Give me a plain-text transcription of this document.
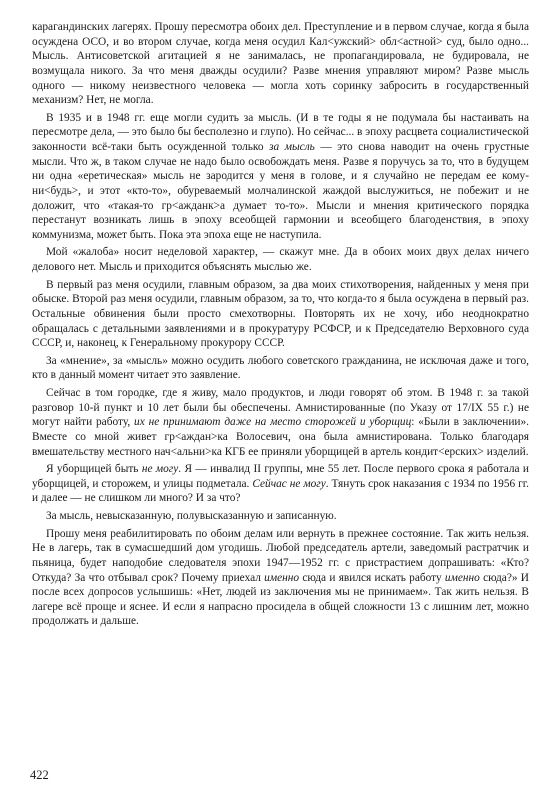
карагандинских лагерях. Прошу пересмотра обоих дел. Преступление и в первом случае, когда я была осуждена ОСО, и во втором случае, когда меня осудил Кал<ужский> обл<астной> суд, было одно... Мысль. Антисоветской агитацией я не занималась, не пропагандировала, не будировала, не возмущала никого. За что меня дважды осудили? Разве мнения управляют миром? Разве мысль одного — никому неизвестного человека — могла хоть соринку забросить в государственный механизм? Нет, не могла.

В 1935 и в 1948 гг. еще могли судить за мысль. (И в те годы я не подумала бы настаивать на пересмотре дела, — это было бы бесполезно и глупо). Но сейчас... в эпоху расцвета социалистической законности всё-таки быть осужденной только за мысль — это снова наводит на очень грустные мысли. Что ж, в таком случае не надо было освобождать меня. Разве я поручусь за то, что в будущем ни одна «еретическая» мысль не зародится у меня в голове, и я случайно не передам ее кому-ни<будь>, и этот «кто-то», обуреваемый молчалинской жаждой выслужиться, не побежит и не доложит, что «такая-то гр<ажданк>а думает то-то». Мысли и мнения критического порядка перестанут возникать лишь в эпоху всеобщей гармонии и всеобщего благоденствия, в эпоху коммунизма, может быть. Пока эта эпоха еще не наступила.

Мой «жалоба» носит неделовой характер, — скажут мне. Да в обоих моих двух делах ничего делового нет. Мысль и приходится объяснять мыслью же.

В первый раз меня осудили, главным образом, за два моих стихотворения, найденных у меня при обыске. Второй раз меня осудили, главным образом, за то, что когда-то я была осуждена в первый раз. Остальные обвинения были просто смехотворны. Повторять их не хочу, ибо неоднократно обращалась с детальными заявлениями и в прокуратуру РСФСР, и к Председателю Верховного суда СССР, и, наконец, к Генеральному прокурору СССР.

За «мнение», за «мысль» можно осудить любого советского гражданина, не исключая даже и того, кто в данный момент читает это заявление.

Сейчас в том городке, где я живу, мало продуктов, и люди говорят об этом. В 1948 г. за такой разговор 10-й пункт и 10 лет были бы обеспечены. Амнистированные (по Указу от 17/IX 55 г.) не могут найти работу, их не принимают даже на место сторожей и уборщиц: «Были в заключении». Вместе со мной живет гр<аждан>ка Волосевич, она была амнистирована. Только благодаря вмешательству местного нач<альни>ка КГБ ее приняли уборщицей в артель кондит<ерских> изделий.

Я уборщицей быть не могу. Я — инвалид II группы, мне 55 лет. После первого срока я работала и уборщицей, и сторожем, и улицы подметала. Сейчас не могу. Тянуть срок наказания с 1934 по 1956 гг. и далее — не слишком ли много? И за что?

За мысль, невысказанную, полувысказанную и записанную.

Прошу меня реабилитировать по обоим делам или вернуть в прежнее состояние. Так жить нельзя. Не в лагерь, так в сумасшедший дом угодишь. Любой председатель артели, заведомый растратчик и пьяница, будет наподобие следователя эпохи 1947—1952 гг. с пристрастием допрашивать: «Кто? Откуда? За что отбывал срок? Почему приехал именно сюда и явился искать работу именно сюда?» И после всех допросов услышишь: «Нет, людей из заключения мы не принимаем». Так жить нельзя. В лагере всё проще и яснее. И если я напрасно просидела в общей сложности 13 с лишним лет, можно продолжать и дальше.

422
